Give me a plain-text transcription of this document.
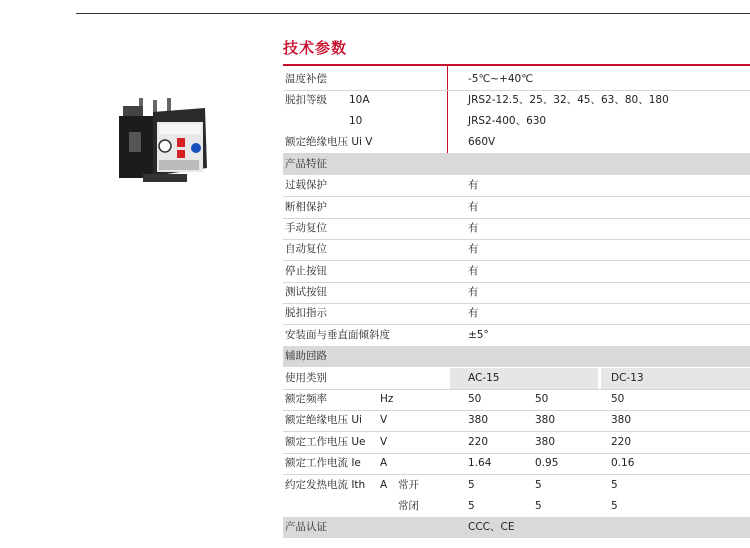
技术参数
温度补偿	-5℃~+40℃
脱扣等级 10A	JRS2-12.5、25、32、45、63、80、180
10	JRS2-400、630
额定绝缘电压 Ui V	660V
产品特征
过载保护	有
断相保护	有
手动复位	有
自动复位	有
停止按钮	有
测试按钮	有
脱扣指示	有
安装面与垂直面倾斜度	±5°
辅助回路
使用类别	AC-15	DC-13
额定频率	Hz	50	50	50
额定绝缘电压 Ui V	380	380	380
额定工作电压 Ue V	220	380	220
额定工作电流 Ie A	1.64	0.95	0.16
约定发热电流 Ith A 常开	5	5	5
常闭	5	5	5
产品认证	CCC、CE
